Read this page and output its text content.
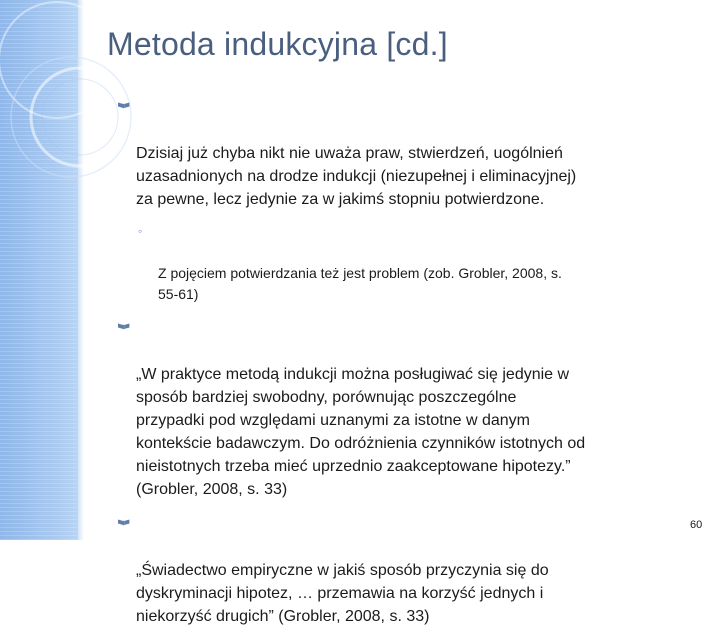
Metoda indukcyjna [cd.]

Dzisiaj już chyba nikt nie uważa praw, stwierdzeń, uogólnień
uzasadnionych na drodze indukcji (niezupełnej i eliminacyjnej)
za pewne, lecz jedynie za w jakimś stopniu potwierdzone.

◦

Z pojęciem potwierdzania też jest problem (zob. Grobler, 2008, s.
55-61)

„W praktyce metodą indukcji można posługiwać się jedynie w
sposób bardziej swobodny, porównując poszczególne
przypadki pod względami uznanymi za istotne w danym
kontekście badawczym. Do odróżnienia czynników istotnych od
nieistotnych trzeba mieć uprzednio zaakceptowane hipotezy.”
(Grobler, 2008, s. 33)

„Świadectwo empiryczne w jakiś sposób przyczynia się do
dyskryminacji hipotez, … przemawia na korzyść jednych i
niekorzyść drugich” (Grobler, 2008, s. 33)

60
